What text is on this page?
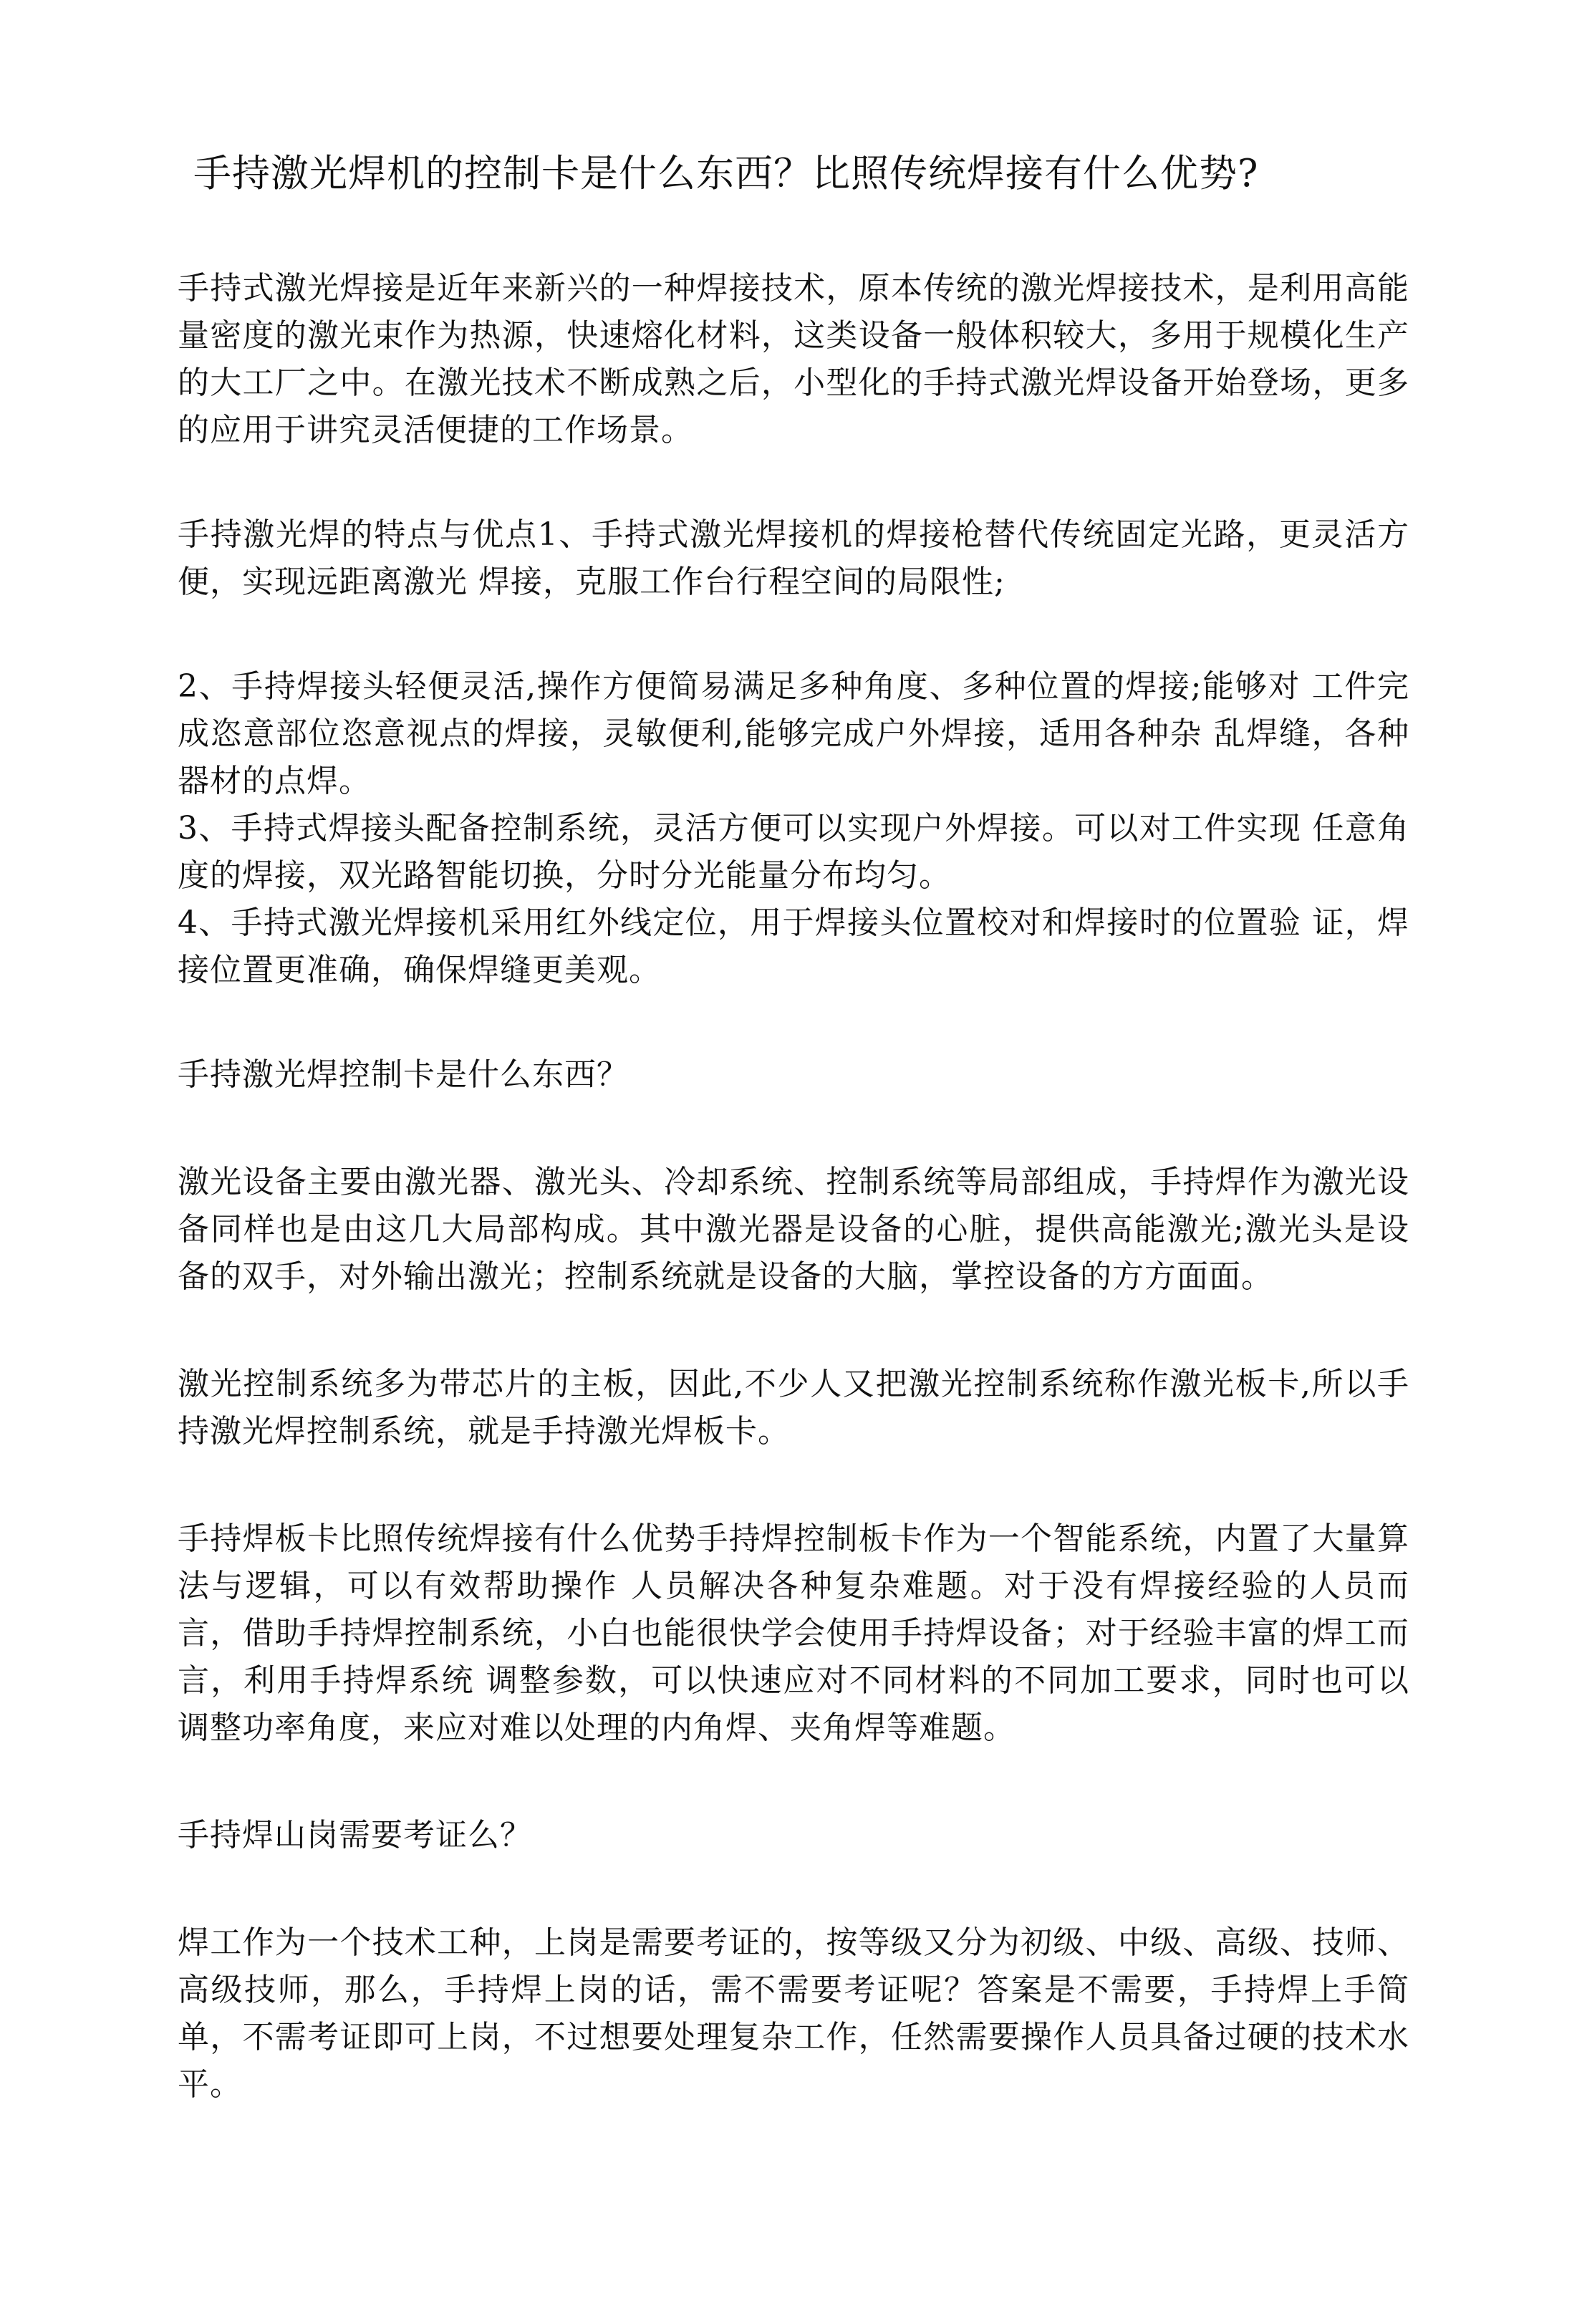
手持激光焊机的控制卡是什么东西？比照传统焊接有什么优势?

手持式激光焊接是近年来新兴的一种焊接技术，原本传统的激光焊接技术，是利用高能量密度的激光束作为热源，快速熔化材料，这类设备一般体积较大，多用于规模化生产的大工厂之中。在激光技术不断成熟之后，小型化的手持式激光焊设备开始登场，更多的应用于讲究灵活便捷的工作场景。

手持激光焊的特点与优点1、手持式激光焊接机的焊接枪替代传统固定光路，更灵活方便，实现远距离激光 焊接，克服工作台行程空间的局限性;

2、手持焊接头轻便灵活,操作方便简易满足多种角度、多种位置的焊接;能够对 工件完成恣意部位恣意视点的焊接，灵敏便利,能够完成户外焊接，适用各种杂 乱焊缝，各种器材的点焊。

3、手持式焊接头配备控制系统，灵活方便可以实现户外焊接。可以对工件实现 任意角度的焊接，双光路智能切换，分时分光能量分布均匀。

4、手持式激光焊接机采用红外线定位，用于焊接头位置校对和焊接时的位置验 证，焊接位置更准确，确保焊缝更美观。

手持激光焊控制卡是什么东西？

激光设备主要由激光器、激光头、冷却系统、控制系统等局部组成，手持焊作为激光设备同样也是由这几大局部构成。其中激光器是设备的心脏，提供高能激光;激光头是设备的双手，对外输出激光；控制系统就是设备的大脑，掌控设备的方方面面。

激光控制系统多为带芯片的主板，因此,不少人又把激光控制系统称作激光板卡,所以手持激光焊控制系统，就是手持激光焊板卡。

手持焊板卡比照传统焊接有什么优势手持焊控制板卡作为一个智能系统，内置了大量算法与逻辑，可以有效帮助操作 人员解决各种复杂难题。对于没有焊接经验的人员而言，借助手持焊控制系统，小白也能很快学会使用手持焊设备；对于经验丰富的焊工而言，利用手持焊系统 调整参数，可以快速应对不同材料的不同加工要求，同时也可以调整功率角度，来应对难以处理的内角焊、夹角焊等难题。

手持焊山岗需要考证么？

焊工作为一个技术工种，上岗是需要考证的，按等级又分为初级、中级、高级、技师、高级技师，那么，手持焊上岗的话，需不需要考证呢？答案是不需要，手持焊上手简单，不需考证即可上岗，不过想要处理复杂工作，任然需要操作人员具备过硬的技术水平。
